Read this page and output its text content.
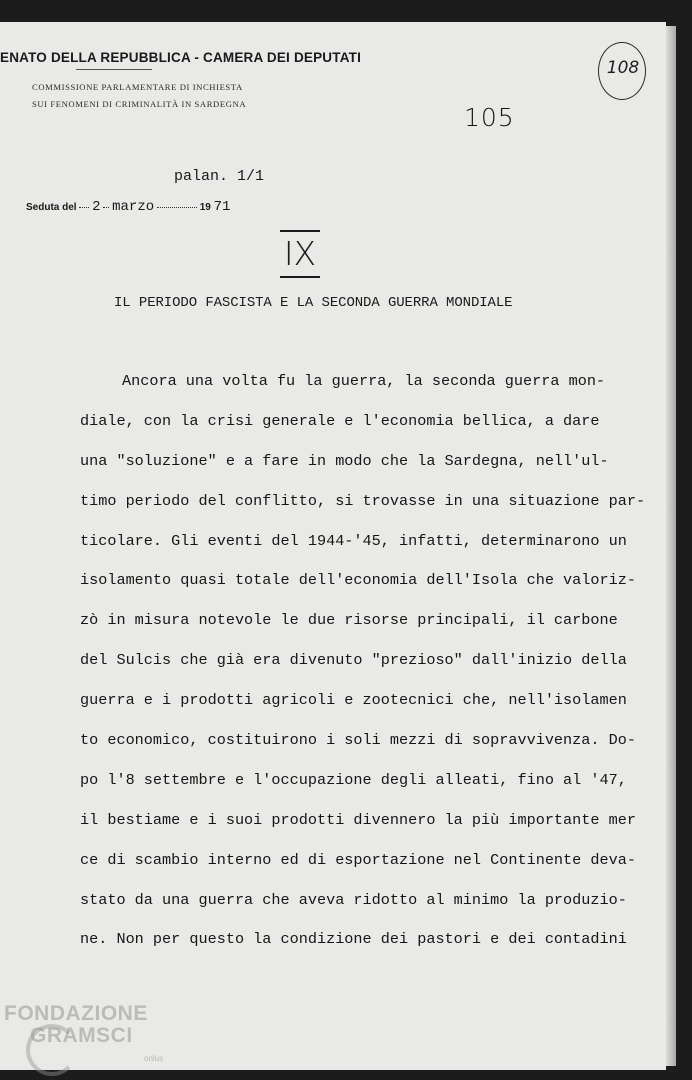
ENATO DELLA REPUBBLICA - CAMERA DEI DEPUTATI
COMMISSIONE PARLAMENTARE DI INCHIESTA
SUI FENOMENI DI CRIMINALITÀ IN SARDEGNA
108
105
palan. 1/1
Seduta del 2 marzo	19 71
IX
IL PERIODO FASCISTA E LA SECONDA GUERRA MONDIALE
Ancora una volta fu la guerra, la seconda guerra mon-
diale, con la crisi generale e l'economia bellica, a dare
una "soluzione" e a fare in modo che la Sardegna, nell'ul-
timo periodo del conflitto, si trovasse in una situazione par-
ticolare. Gli eventi del 1944-'45, infatti, determinarono un
isolamento quasi totale dell'economia dell'Isola che valoriz-
zò in misura notevole le due risorse principali, il carbone
del Sulcis che già era divenuto "prezioso" dall'inizio della
guerra e i prodotti agricoli e zootecnici che, nell'isolamen
to economico, costituirono i soli mezzi di sopravvivenza. Do-
po l'8 settembre e l'occupazione degli alleati, fino al '47,
il bestiame e i suoi prodotti divennero la più importante mer
ce di scambio interno ed di esportazione nel Continente deva-
stato da una guerra che aveva ridotto al minimo la produzio-
ne. Non per questo la condizione dei pastori e dei contadini
FONDAZIONE
GRAMSCI
onlus
